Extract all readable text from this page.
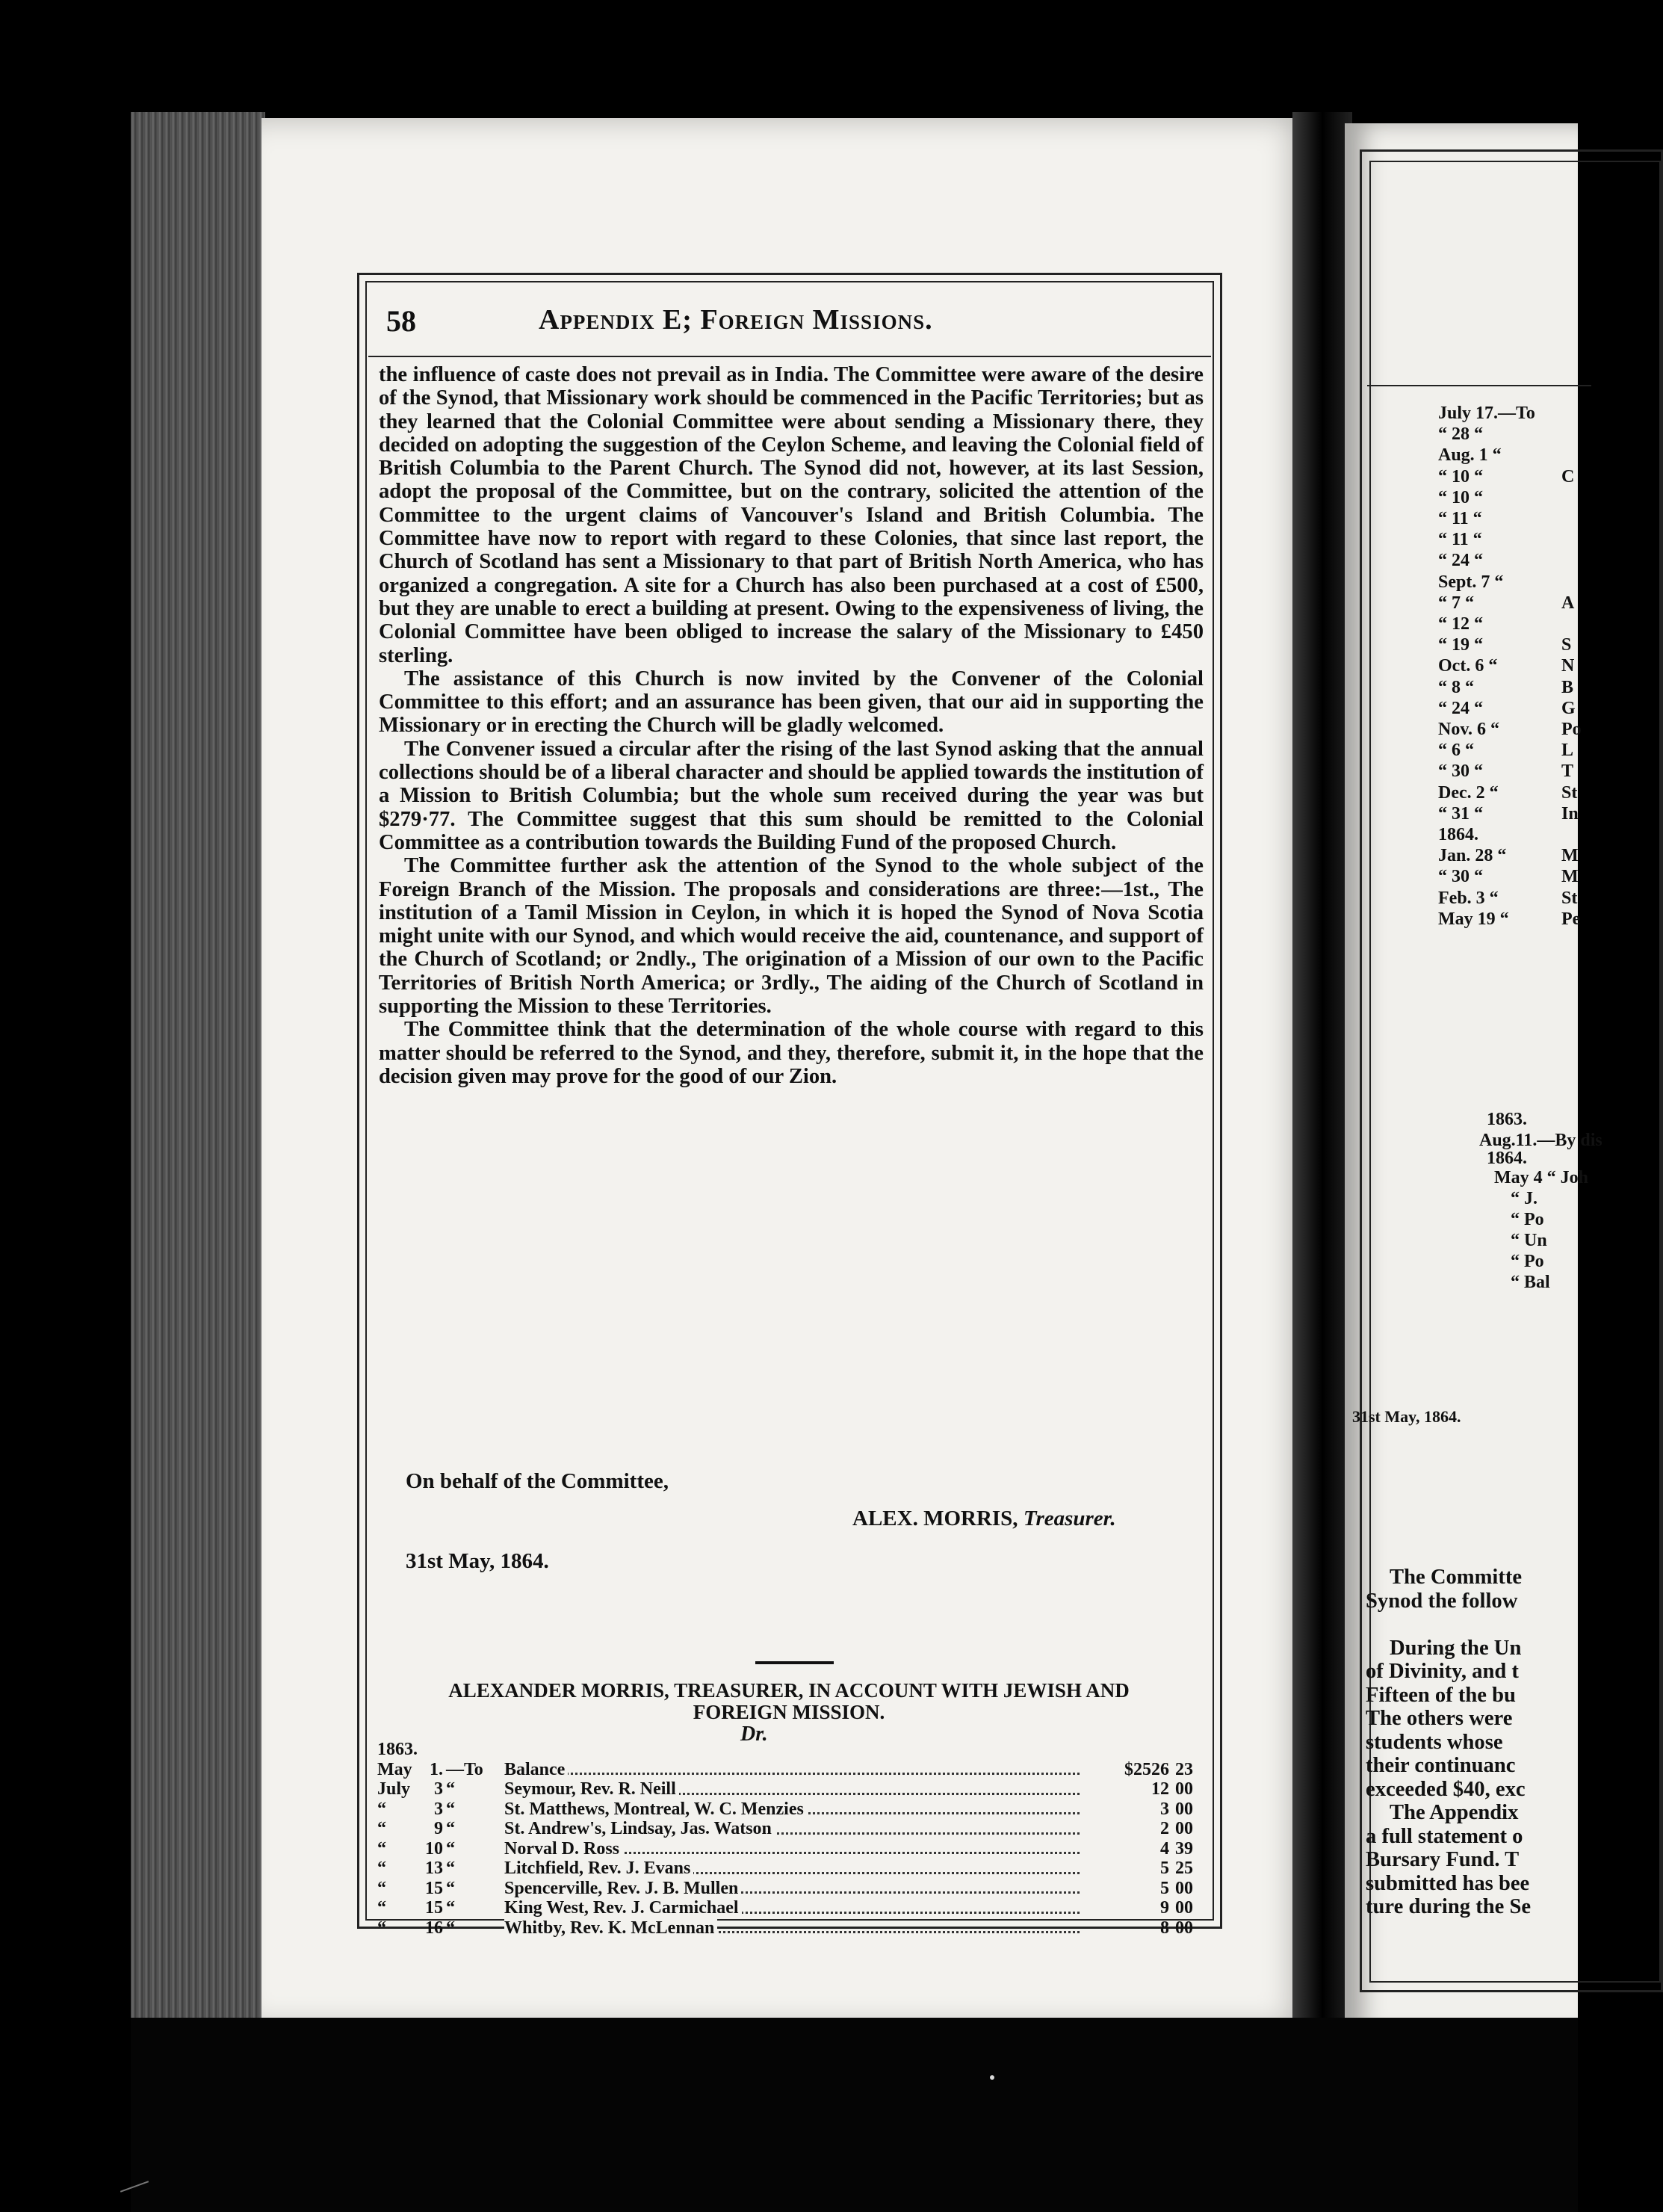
July 17.—To
“ 28 “
Aug. 1 “
“ 10 “	C
“ 10 “
“ 11 “
“ 11 “
“ 24 “
Sept. 7 “
“ 7 “	A
“ 12 “
“ 19 “	S
Oct. 6 “	N
“ 8 “	B
“ 24 “	G
Nov. 6 “	Po
“ 6 “	L
“ 30 “	T
Dec. 2 “	St
“ 31 “	In
1864.
Jan. 28 “	M
“ 30 “	M
Feb. 3 “	St
May 19 “	Pe
1863.
Aug.11.—By dis
1864.
May 4 “ Joh
“ J.
“ Po
“ Un
“ Po
“ Bal
31st May, 1864.
The Committe
Synod the follow
During the Un
of Divinity, and t
Fifteen of the bu
The others were
students whose
their continuanc
exceeded $40, exc
The Appendix
a full statement o
Bursary Fund. T
submitted has bee
ture during the Se
58	Appendix E; Foreign Missions.

the influence of caste does not prevail as in India. The Committee were aware of the desire of the Synod, that Missionary work should be commenced in the Pacific Territories; but as they learned that the Colonial Committee were about sending a Missionary there, they decided on adopting the suggestion of the Ceylon Scheme, and leaving the Colonial field of British Columbia to the Parent Church. The Synod did not, however, at its last Session, adopt the proposal of the Committee, but on the contrary, solicited the attention of the Committee to the urgent claims of Vancouver's Island and British Columbia. The Committee have now to report with regard to these Colonies, that since last report, the Church of Scotland has sent a Missionary to that part of British North America, who has organized a congregation. A site for a Church has also been purchased at a cost of £500, but they are unable to erect a building at present. Owing to the expensiveness of living, the Colonial Committee have been obliged to increase the salary of the Missionary to £450 sterling.

The assistance of this Church is now invited by the Convener of the Colonial Committee to this effort; and an assurance has been given, that our aid in supporting the Missionary or in erecting the Church will be gladly welcomed.

The Convener issued a circular after the rising of the last Synod asking that the annual collections should be of a liberal character and should be applied towards the institution of a Mission to British Columbia; but the whole sum received during the year was but $279·77. The Committee suggest that this sum should be remitted to the Colonial Committee as a contribution towards the Building Fund of the proposed Church.

The Committee further ask the attention of the Synod to the whole subject of the Foreign Branch of the Mission. The proposals and considerations are three:—1st., The institution of a Tamil Mission in Ceylon, in which it is hoped the Synod of Nova Scotia might unite with our Synod, and which would receive the aid, countenance, and support of the Church of Scotland; or 2ndly., The origination of a Mission of our own to the Pacific Territories of British North America; or 3rdly., The aiding of the Church of Scotland in supporting the Mission to these Territories.

The Committee think that the determination of the whole course with regard to this matter should be referred to the Synod, and they, therefore, submit it, in the hope that the decision given may prove for the good of our Zion.

On behalf of the Committee,
ALEX. MORRIS, Treasurer.
31st May, 1864.
ALEXANDER MORRIS, TREASURER, IN ACCOUNT WITH JEWISH AND
FOREIGN MISSION.
Dr.
1863.
May 1. —To Balance	$2526 23
July	3 “	Seymour, Rev. R. Neill	12 00
“	3 “	St. Matthews, Montreal, W. C. Menzies	3 00
“	9 “	St. Andrew's, Lindsay, Jas. Watson	2 00
“	10 “	Norval D. Ross	4 39
“	13 “	Litchfield, Rev. J. Evans	5 25
“	15 “	Spencerville, Rev. J. B. Mullen	5 00
“	15 “	King West, Rev. J. Carmichael	9 00
“	16 “	Whitby, Rev. K. McLennan	8 00
